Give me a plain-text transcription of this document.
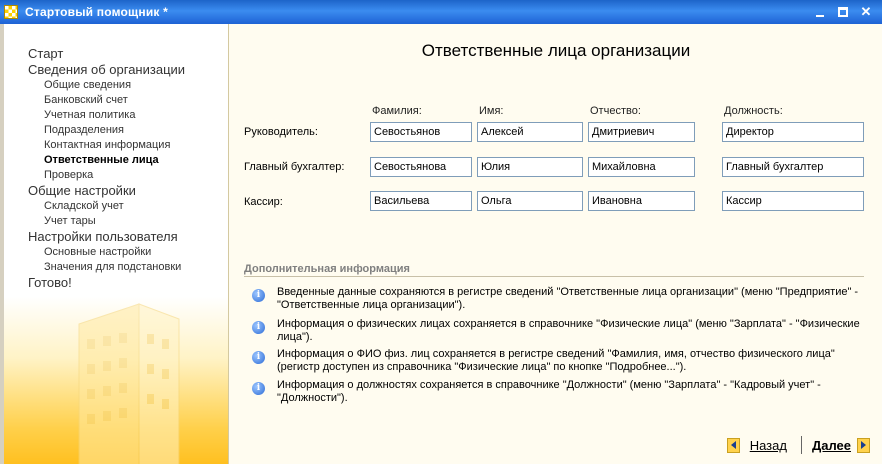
Стартовый помощник *	✕
Старт
Сведения об организации
Общие сведения
Банковский счет
Учетная политика
Подразделения
Контактная информация
Ответственные лица
Проверка
Общие настройки
Складской учет
Учет тары
Настройки пользователя
Основные настройки
Значения для подстановки
Готово!
Ответственные лица организации
Фамилия:	Имя:	Отчество:	Должность:
Руководитель:	Севостьянов	Алексей	Дмитриевич	Директор
Главный бухгалтер:	Севостьянова	Юлия	Михайловна	Главный бухгалтер
Кассир:	Васильева	Ольга	Ивановна	Кассир
Дополнительная информация
i	Введенные данные сохраняются в регистре сведений "Ответственные лица организации" (меню "Предприятие" - "Ответственные лица организации").
i	Информация о физических лицах сохраняется в справочнике "Физические лица" (меню "Зарплата" - "Физические лица").
i	Информация о ФИО физ. лиц сохраняется в регистре сведений "Фамилия, имя, отчество физического лица" (регистр доступен из справочника "Физические лица" по кнопке "Подробнее...").
i	Информация о должностях сохраняется в справочнике "Должности" (меню "Зарплата" - "Кадровый учет" - "Должности").
Назад Далее
